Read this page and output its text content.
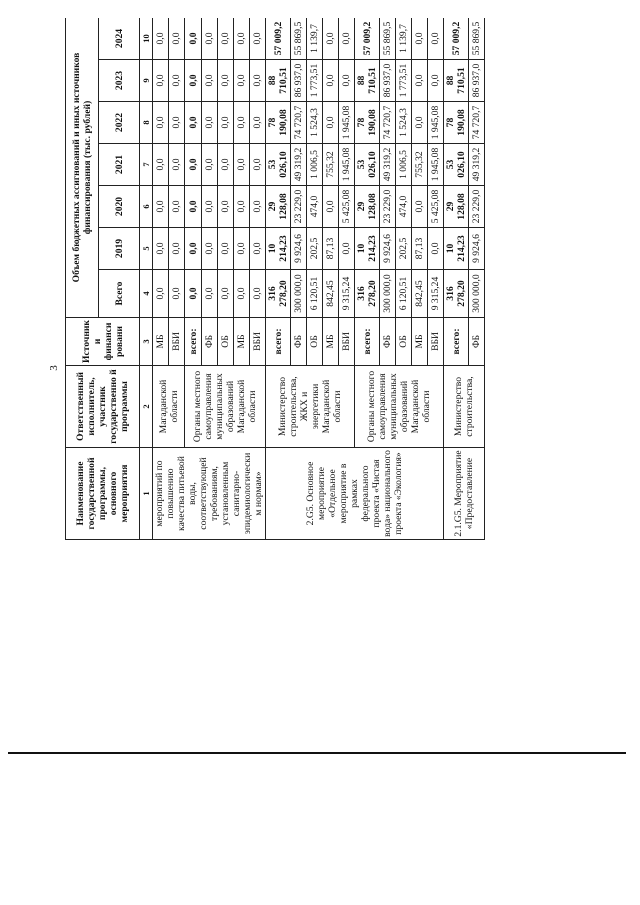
3
Наименование государственной программы, основного мероприятия	Ответственный исполнитель, участник государственно й программы	Источники финансировани	Объем бюджетных ассигнований и иных источников финансирования (тыс. рублей)						
			Всего	2019	2020	2021	2022	2023	2024
1	2	3	4	5	6	7	8	9	10
мероприятий по повышению качества питьевой воды, соответствующей требованиям, установленным санитарно-эпидемиологическим нормам»	Магаданской области	МБ	0,0	0,0	0,0	0,0	0,0	0,0	0,0
		ВБИ	0,0	0,0	0,0	0,0	0,0	0,0	0,0
	Органы местного самоуправления муниципальных образований Магаданской области	всего:	0,0	0,0	0,0	0,0	0,0	0,0	0,0
		ФБ	0,0	0,0	0,0	0,0	0,0	0,0	0,0
		ОБ	0,0	0,0	0,0	0,0	0,0	0,0	0,0
		МБ	0,0	0,0	0,0	0,0	0,0	0,0	0,0
		ВБИ	0,0	0,0	0,0	0,0	0,0	0,0	0,0
2.G5. Основное мероприятие «Отдельное мероприятие в рамках федерального проекта «Чистая вода» национального проекта «Экология»	Министерство строительства, ЖКХ и энергетики Магаданской области	всего:	316 278,20	10 214,23	29 128,08	53 026,10	78 190,08	88 710,51	57 009,2
		ФБ	300 000,0	9 924,6	23 229,0	49 319,2	74 720,7	86 937,0	55 869,5
		ОБ	6 120,51	202,5	474,0	1 006,5	1 524,3	1 773,51	1 139,7
		МБ	842,45	87,13	0,0	755,32	0,0	0,0	0,0
		ВБИ	9 315,24	0,0	5 425,08	1 945,08	1 945,08	0,0	0,0
	Органы местного самоуправления муниципальных образований Магаданской области	всего:	316 278,20	10 214,23	29 128,08	53 026,10	78 190,08	88 710,51	57 009,2
		ФБ	300 000,0	9 924,6	23 229,0	49 319,2	74 720,7	86 937,0	55 869,5
		ОБ	6 120,51	202,5	474,0	1 006,5	1 524,3	1 773,51	1 139,7
		МБ	842,45	87,13	0,0	755,32	0,0	0,0	0,0
		ВБИ	9 315,24	0,0	5 425,08	1 945,08	1 945,08	0,0	0,0
2.1.G5. Мероприятие «Предоставление	Министерство строительства,	всего:	316 278,20	10 214,23	29 128,08	53 026,10	78 190,08	88 710,51	57 009,2
		ФБ	300 000,0	9 924,6	23 229,0	49 319,2	74 720,7	86 937,0	55 869,5
